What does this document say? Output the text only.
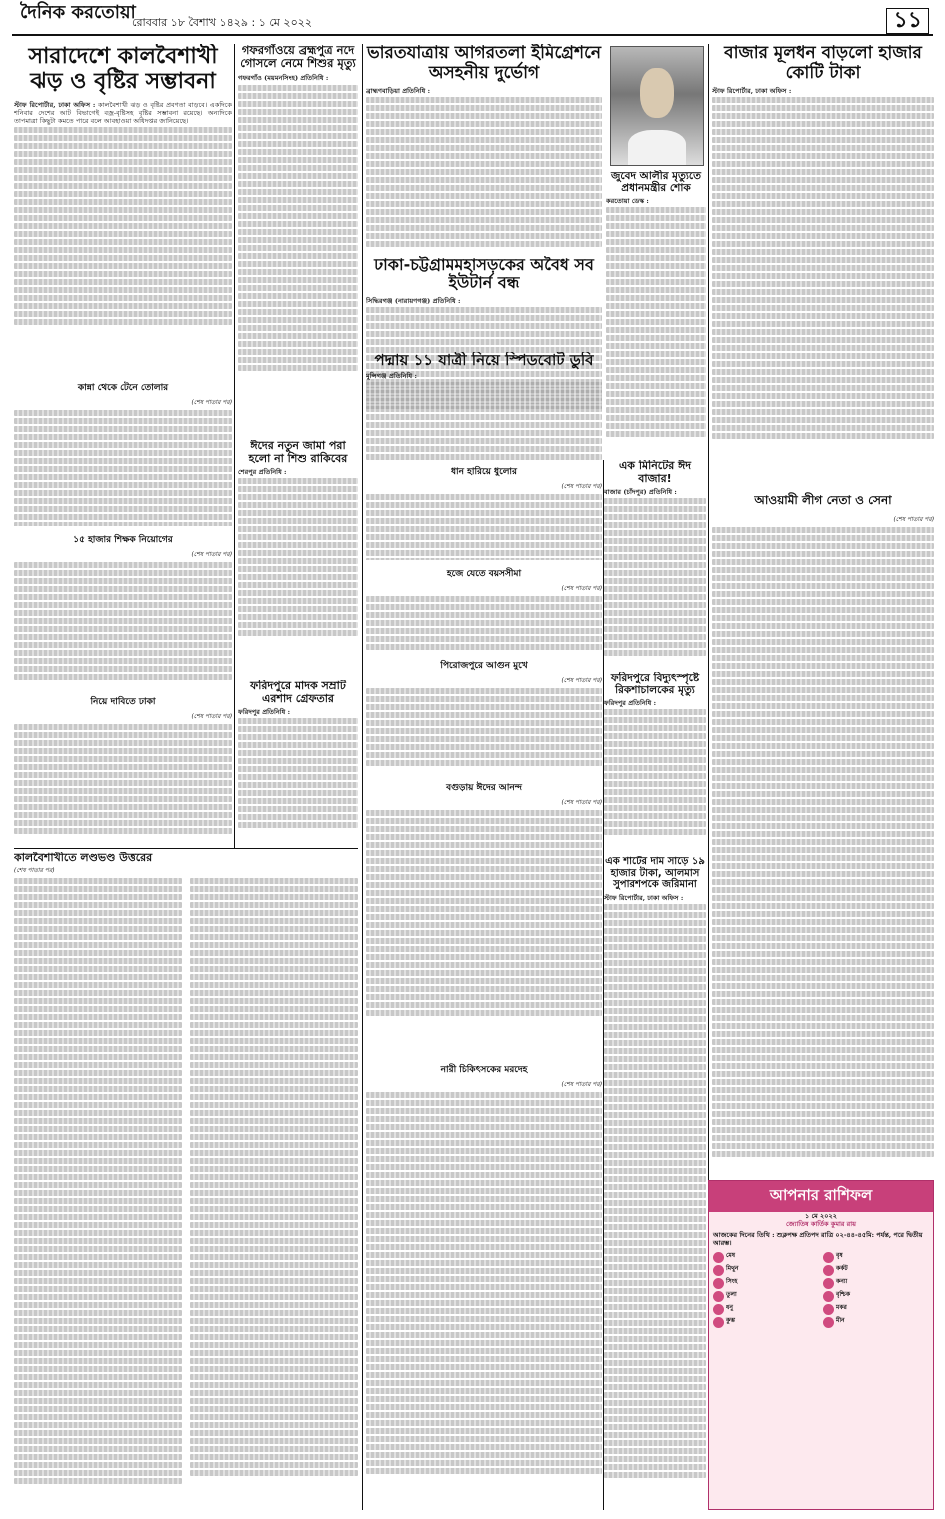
দৈনিক করতোয়া
রোববার ১৮ বৈশাখ ১৪২৯ : ১ মে ২০২২	১১
সারাদেশে কালবৈশাখী ঝড় ও বৃষ্টির সম্ভাবনা

স্টাফ রিপোর্টার, ঢাকা অফিস : কালবৈশাখী ঝড় ও বৃষ্টির প্রবণতা বাড়বে। একদিকে শনিবার দেশের আট বিভাগেই বজ্র-বৃষ্টিসহ বৃষ্টির সম্ভাবনা রয়েছে। অন্যদিকে তাপমাত্রা কিছুটা কমতে পারে বলে আবহাওয়া অধিদপ্তর জানিয়েছে।

কান্না থেকে টেনে তোলার
(শেষ পাতার পর)
১৫ হাজার শিক্ষক নিয়োগের
(শেষ পাতার পর)
নিয়ে দাবিতে ঢাকা
(শেষ পাতার পর)
গফরগাঁওয়ে ব্রহ্মপুত্র নদে গোসলে নেমে শিশুর মৃত্যু
গফরগাঁও (ময়মনসিংহ) প্রতিনিধি :
ঈদের নতুন জামা পরা হলো না শিশু রাকিবের
শেরপুর প্রতিনিধি :
ফরিদপুরে মাদক সম্রাট এরশাদ গ্রেফতার
ফরিদপুর প্রতিনিধি :
ভারতযাত্রায় আগরতলা ইমিগ্রেশনে অসহনীয় দুর্ভোগ
ব্রাহ্মণবাড়িয়া প্রতিনিধি :
জুবেদ আলীর মৃত্যুতে প্রধানমন্ত্রীর শোক
করতোয়া ডেস্ক :
ঢাকা-চট্টগ্রামমহাসড়কের অবৈধ সব ইউটার্ন বন্ধ
সিদ্ধিরগঞ্জ (নারায়ণগঞ্জ) প্রতিনিধি :
পদ্মায় ১১ যাত্রী নিয়ে স্পিডবোট ডুবি
মুন্সিগঞ্জ প্রতিনিধি :
ধান হারিয়ে ধুলোর
(শেষ পাতার পর)
হজে যেতে বয়সসীমা
(শেষ পাতার পর)
পিরোজপুরে আগুন মুখে
(শেষ পাতার পর)
এক মিনিটের ঈদ বাজার!
বাজার (চাঁদপুর) প্রতিনিধি :
ফরিদপুরে বিদ্যুৎস্পৃষ্টে রিকশাচালকের মৃত্যু
ফরিদপুর প্রতিনিধি :
বাজার মূলধন বাড়লো হাজার কোটি টাকা
স্টাফ রিপোর্টার, ঢাকা অফিস :
আওয়ামী লীগ নেতা ও সেনা
(শেষ পাতার পর)
কালবৈশাখীতে লণ্ডভণ্ড উত্তরের
(শেষ পাতার পর)
বগুড়ায় ঈদের আনন্দ
(শেষ পাতার পর)
নারী চিকিৎসকের মরদেহ
(শেষ পাতার পর)
এক শার্টের দাম সাড়ে ১৯ হাজার টাকা, আলমাস সুপারশপকে জরিমানা
স্টাফ রিপোর্টার, ঢাকা অফিস :
আপনার রাশিফল
১ মে ২০২২
জ্যোতিষ কার্তিক কুমার রায়
আজকের দিনের তিথি : শুক্লপক্ষ প্রতিপদ রাত্রি ০২-৪৪-৪৫মি: পর্যন্ত, পরে দ্বিতীয় আরম্ভ।
মেষ	বৃষ
মিথুন	কর্কট
সিংহ	কন্যা
তুলা	বৃশ্চিক
ধনু	মকর
কুম্ভ	মীন
